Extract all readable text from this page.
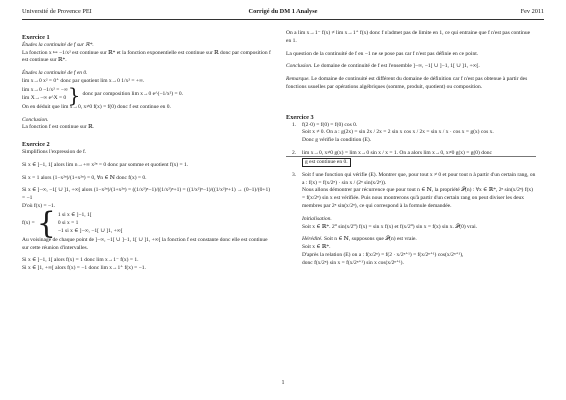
Université de Provence PEI	Corrigé du DM 1 Analyse	Fev 2011

Exercice 1

Études la continuité de f sur ℝ*.

La fonction x ↦ −1/x² est continue sur ℝ* et la fonction exponentielle est continue sur ℝ donc par composition f est continue sur ℝ*.

Études la continuité de f en 0.

lim x→0 x² = 0⁺ donc par quotient lim x→0 1/x² = +∞.

lim x→0 −1/x² = −∞
lim X→−∞ e^X = 0 } donc par composition lim x→0 e^(−1/x²) = 0.

On en déduit que lim x→0, x≠0 f(x) = f(0) donc f est continue en 0.

Conclusion.

La fonction f est continue sur ℝ.

Exercice 2

Simplifions l'expression de f.

Si x ∈ ]−1, 1[ alors lim n→+∞ x²ⁿ = 0 donc par somme et quotient f(x) = 1.

Si x = 1 alors (1−x²ⁿ)/(1+x²ⁿ) = 0, ∀n ∈ ℕ donc f(x) = 0.

Si x ∈ ]−∞, −1[ ∪ ]1, +∞[ alors (1−x²ⁿ)/(1+x²ⁿ) = ((1/x²)ⁿ−1)/((1/x²)ⁿ+1) = ((1/x²)ⁿ−1)/((1/x²)ⁿ+1) → (0−1)/(0+1) = −1

D'où f(x) = −1.

f(x) = { 1 si x ∈ ]−1, 1[
0 si x = 1
−1 si x ∈ ]−∞, −1[ ∪ ]1, +∞[

Au voisinage de chaque point de ]−∞, −1[ ∪ ]−1, 1[ ∪ ]1, +∞[ la fonction f est constante donc elle est continue sur cette réunion d'intervalles.

Si x ∈ ]−1, 1[ alors f(x) = 1 donc lim x→1⁻ f(x) = 1.

Si x ∈ ]1, +∞[ alors f(x) = −1 donc lim x→1⁺ f(x) = −1.

On a lim x→1⁻ f(x) ≠ lim x→1⁺ f(x) donc f n'admet pas de limite en 1, ce qui entraine que f n'est pas continue en 1.

La question de la continuité de f en −1 ne se pose pas car f n'est pas définie en ce point.

Conclusion. Le domaine de continuité de f est l'ensemble ]−∞, −1[ ∪ ]−1, 1[ ∪ ]1, +∞[.

Remarque. Le domaine de continuité est différent du domaine de définition car f n'est pas obtenue à partir des fonctions usuelles par opérations algébriques (somme, produit, quotient) ou composition.

Exercice 3

1. f(2·0) = f(0) = f(0) cos 0.

Soit x ≠ 0. On a : g(2x) = sin 2x / 2x = 2 sin x cos x / 2x = sin x / x · cos x = g(x) cos x.

Donc g vérifie la condition (E).

2. lim x→0, x≠0 g(x) = lim x→0 sin x / x = 1. On a alors lim x→0, x≠0 g(x) = g(0) donc g est continue en 0.

3. Soit f une fonction qui vérifie (E). Montrer que, pour tout x ≠ 0 et pour tout n à partir d'un certain rang, on a : f(x) = f(x/2ⁿ) · sin x / (2ⁿ sin(x/2ⁿ)).

Nous allons démontrer par récurrence que pour tout n ∈ ℕ, la propriété 𝒫(n) : ∀x ∈ ℝ*, 2ⁿ sin(x/2ⁿ) f(x) = f(x/2ⁿ) sin x est vérifiée. Puis nous montrerons qu'à partir d'un certain rang on peut diviser les deux membres par 2ⁿ sin(x/2ⁿ), ce qui correspond à la formule demandée.

Initialisation.

Soit x ∈ ℝ*. 2⁰ sin(x/2⁰) f(x) = sin x f(x) et f(x/2⁰) sin x = f(x) sin x. 𝒫(0) vrai.

Hérédité. Soit n ∈ ℕ, supposons que 𝒫(n) est vraie.

Soit x ∈ ℝ*.

D'après la relation (E) on a : f(x/2ⁿ) = f(2 · x/2ⁿ⁺¹) = f(x/2ⁿ⁺¹) cos(x/2ⁿ⁺¹),

donc f(x/2ⁿ) sin x = f(x/2ⁿ⁺¹) sin x cos(x/2ⁿ⁺¹).

1
